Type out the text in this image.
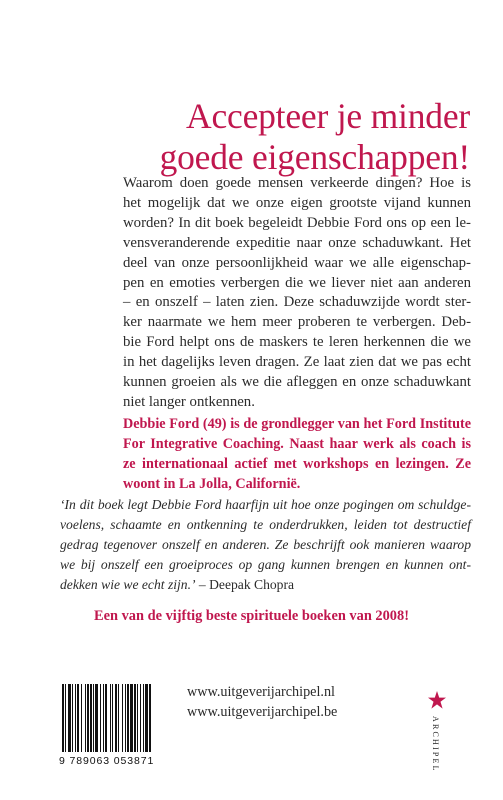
Accepteer je minder
goede eigenschappen!
Waarom doen goede mensen verkeerde dingen? Hoe is
het mogelijk dat we onze eigen grootste vijand kunnen
worden? In dit boek begeleidt Debbie Ford ons op een le-
vensveranderende expeditie naar onze schaduwkant. Het
deel van onze persoonlijkheid waar we alle eigenschap-
pen en emoties verbergen die we liever niet aan anderen
– en onszelf – laten zien. Deze schaduwzijde wordt ster-
ker naarmate we hem meer proberen te verbergen. Deb-
bie Ford helpt ons de maskers te leren herkennen die we
in het dagelijks leven dragen. Ze laat zien dat we pas echt
kunnen groeien als we die afleggen en onze schaduwkant
niet langer ontkennen.
Debbie Ford (49) is de grondlegger van het Ford Institute
For Integrative Coaching. Naast haar werk als coach is
ze internationaal actief met workshops en lezingen. Ze
woont in La Jolla, Californië.
‘In dit boek legt Debbie Ford haarfijn uit hoe onze pogingen om schuldge-
voelens, schaamte en ontkenning te onderdrukken, leiden tot destructief
gedrag tegenover onszelf en anderen. Ze beschrijft ook manieren waarop
we bij onszelf een groeiproces op gang kunnen brengen en kunnen ont-
dekken wie we echt zijn.’ – Deepak Chopra
Een van de vijftig beste spirituele boeken van 2008!
9 789063 053871
www.uitgeverijarchipel.nl
www.uitgeverijarchipel.be
ARCHIPEL
